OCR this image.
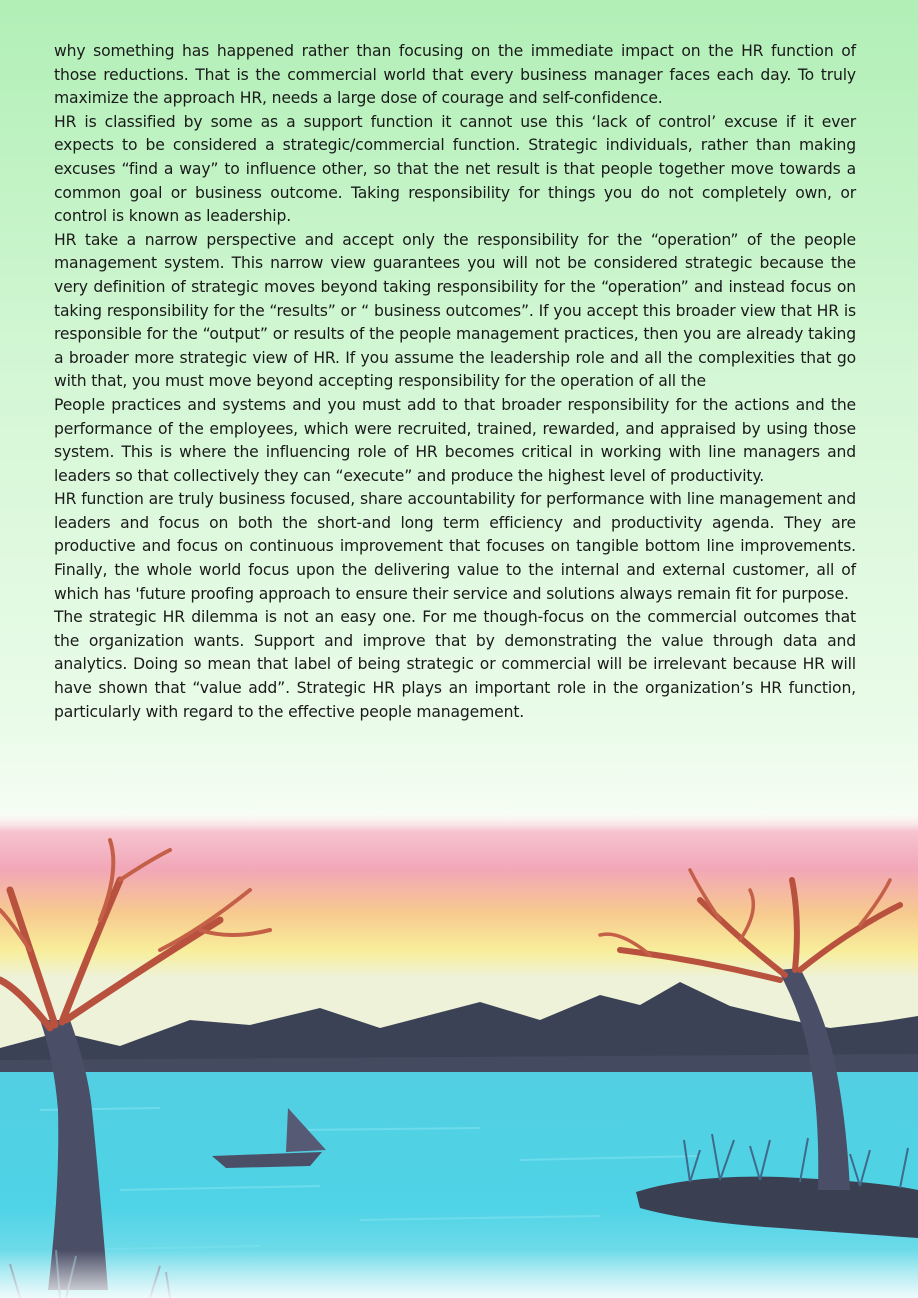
why something has happened rather than focusing on the immediate impact on the HR function of those reductions. That is the commercial world that every business manager faces each day. To truly maximize the approach HR, needs a large dose of courage and self-confidence.

HR is classified by some as a support function it cannot use this ‘lack of control’ excuse if it ever expects to be considered a strategic/commercial function. Strategic individuals, rather than making excuses “find a way” to influence other, so that the net result is that people together move towards a common goal or business outcome. Taking responsibility for things you do not completely own, or control is known as leadership.

HR take a narrow perspective and accept only the responsibility for the “operation” of the people management system. This narrow view guarantees you will not be considered strategic because the very definition of strategic moves beyond taking responsibility for the “operation” and instead focus on taking responsibility for the “results” or “ business outcomes”. If you accept this broader view that HR is responsible for the “output” or results of the people management practices, then you are already taking a broader more strategic view of HR. If you assume the leadership role and all the complexities that go with that, you must move beyond accepting responsibility for the operation of all the

People practices and systems and you must add to that broader responsibility for the actions and the performance of the employees, which were recruited, trained, rewarded, and appraised by using those system. This is where the influencing role of HR becomes critical in working with line managers and leaders so that collectively they can “execute” and produce the highest level of productivity.

HR function are truly business focused, share accountability for performance with line management and leaders and focus on both the short-and long term efficiency and productivity agenda. They are productive and focus on continuous improvement that focuses on tangible bottom line improvements. Finally, the whole world focus upon the delivering value to the internal and external customer, all of which has 'future proofing approach to ensure their service and solutions always remain fit for purpose.

The strategic HR dilemma is not an easy one. For me though-focus on the commercial outcomes that the organization wants. Support and improve that by demonstrating the value through data and analytics. Doing so mean that label of being strategic or commercial will be irrelevant because HR will have shown that “value add”. Strategic HR plays an important role in the organization’s HR function, particularly with regard to the effective people management.
